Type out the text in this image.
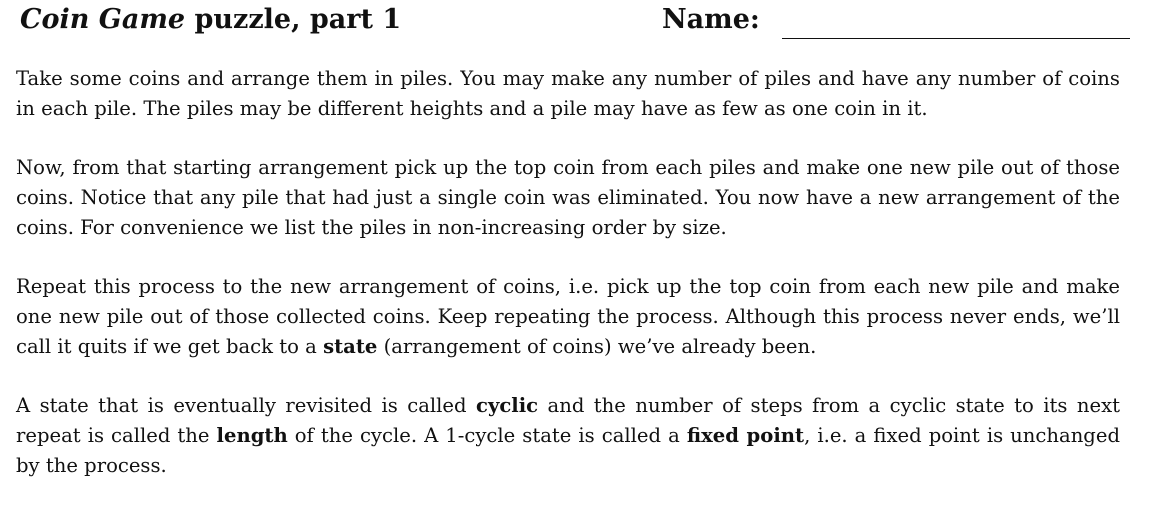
Coin Game puzzle, part 1	Name:

Take some coins and arrange them in piles. You may make any number of piles and have any number of coins in each pile. The piles may be different heights and a pile may have as few as one coin in it.

Now, from that starting arrangement pick up the top coin from each piles and make one new pile out of those coins. Notice that any pile that had just a single coin was eliminated. You now have a new arrangement of the coins. For convenience we list the piles in non-increasing order by size.

Repeat this process to the new arrangement of coins, i.e. pick up the top coin from each new pile and make one new pile out of those collected coins. Keep repeating the process. Although this process never ends, we’ll call it quits if we get back to a state (arrangement of coins) we’ve already been.

A state that is eventually revisited is called cyclic and the number of steps from a cyclic state to its next repeat is called the length of the cycle. A 1-cycle state is called a fixed point, i.e. a fixed point is unchanged by the process.
